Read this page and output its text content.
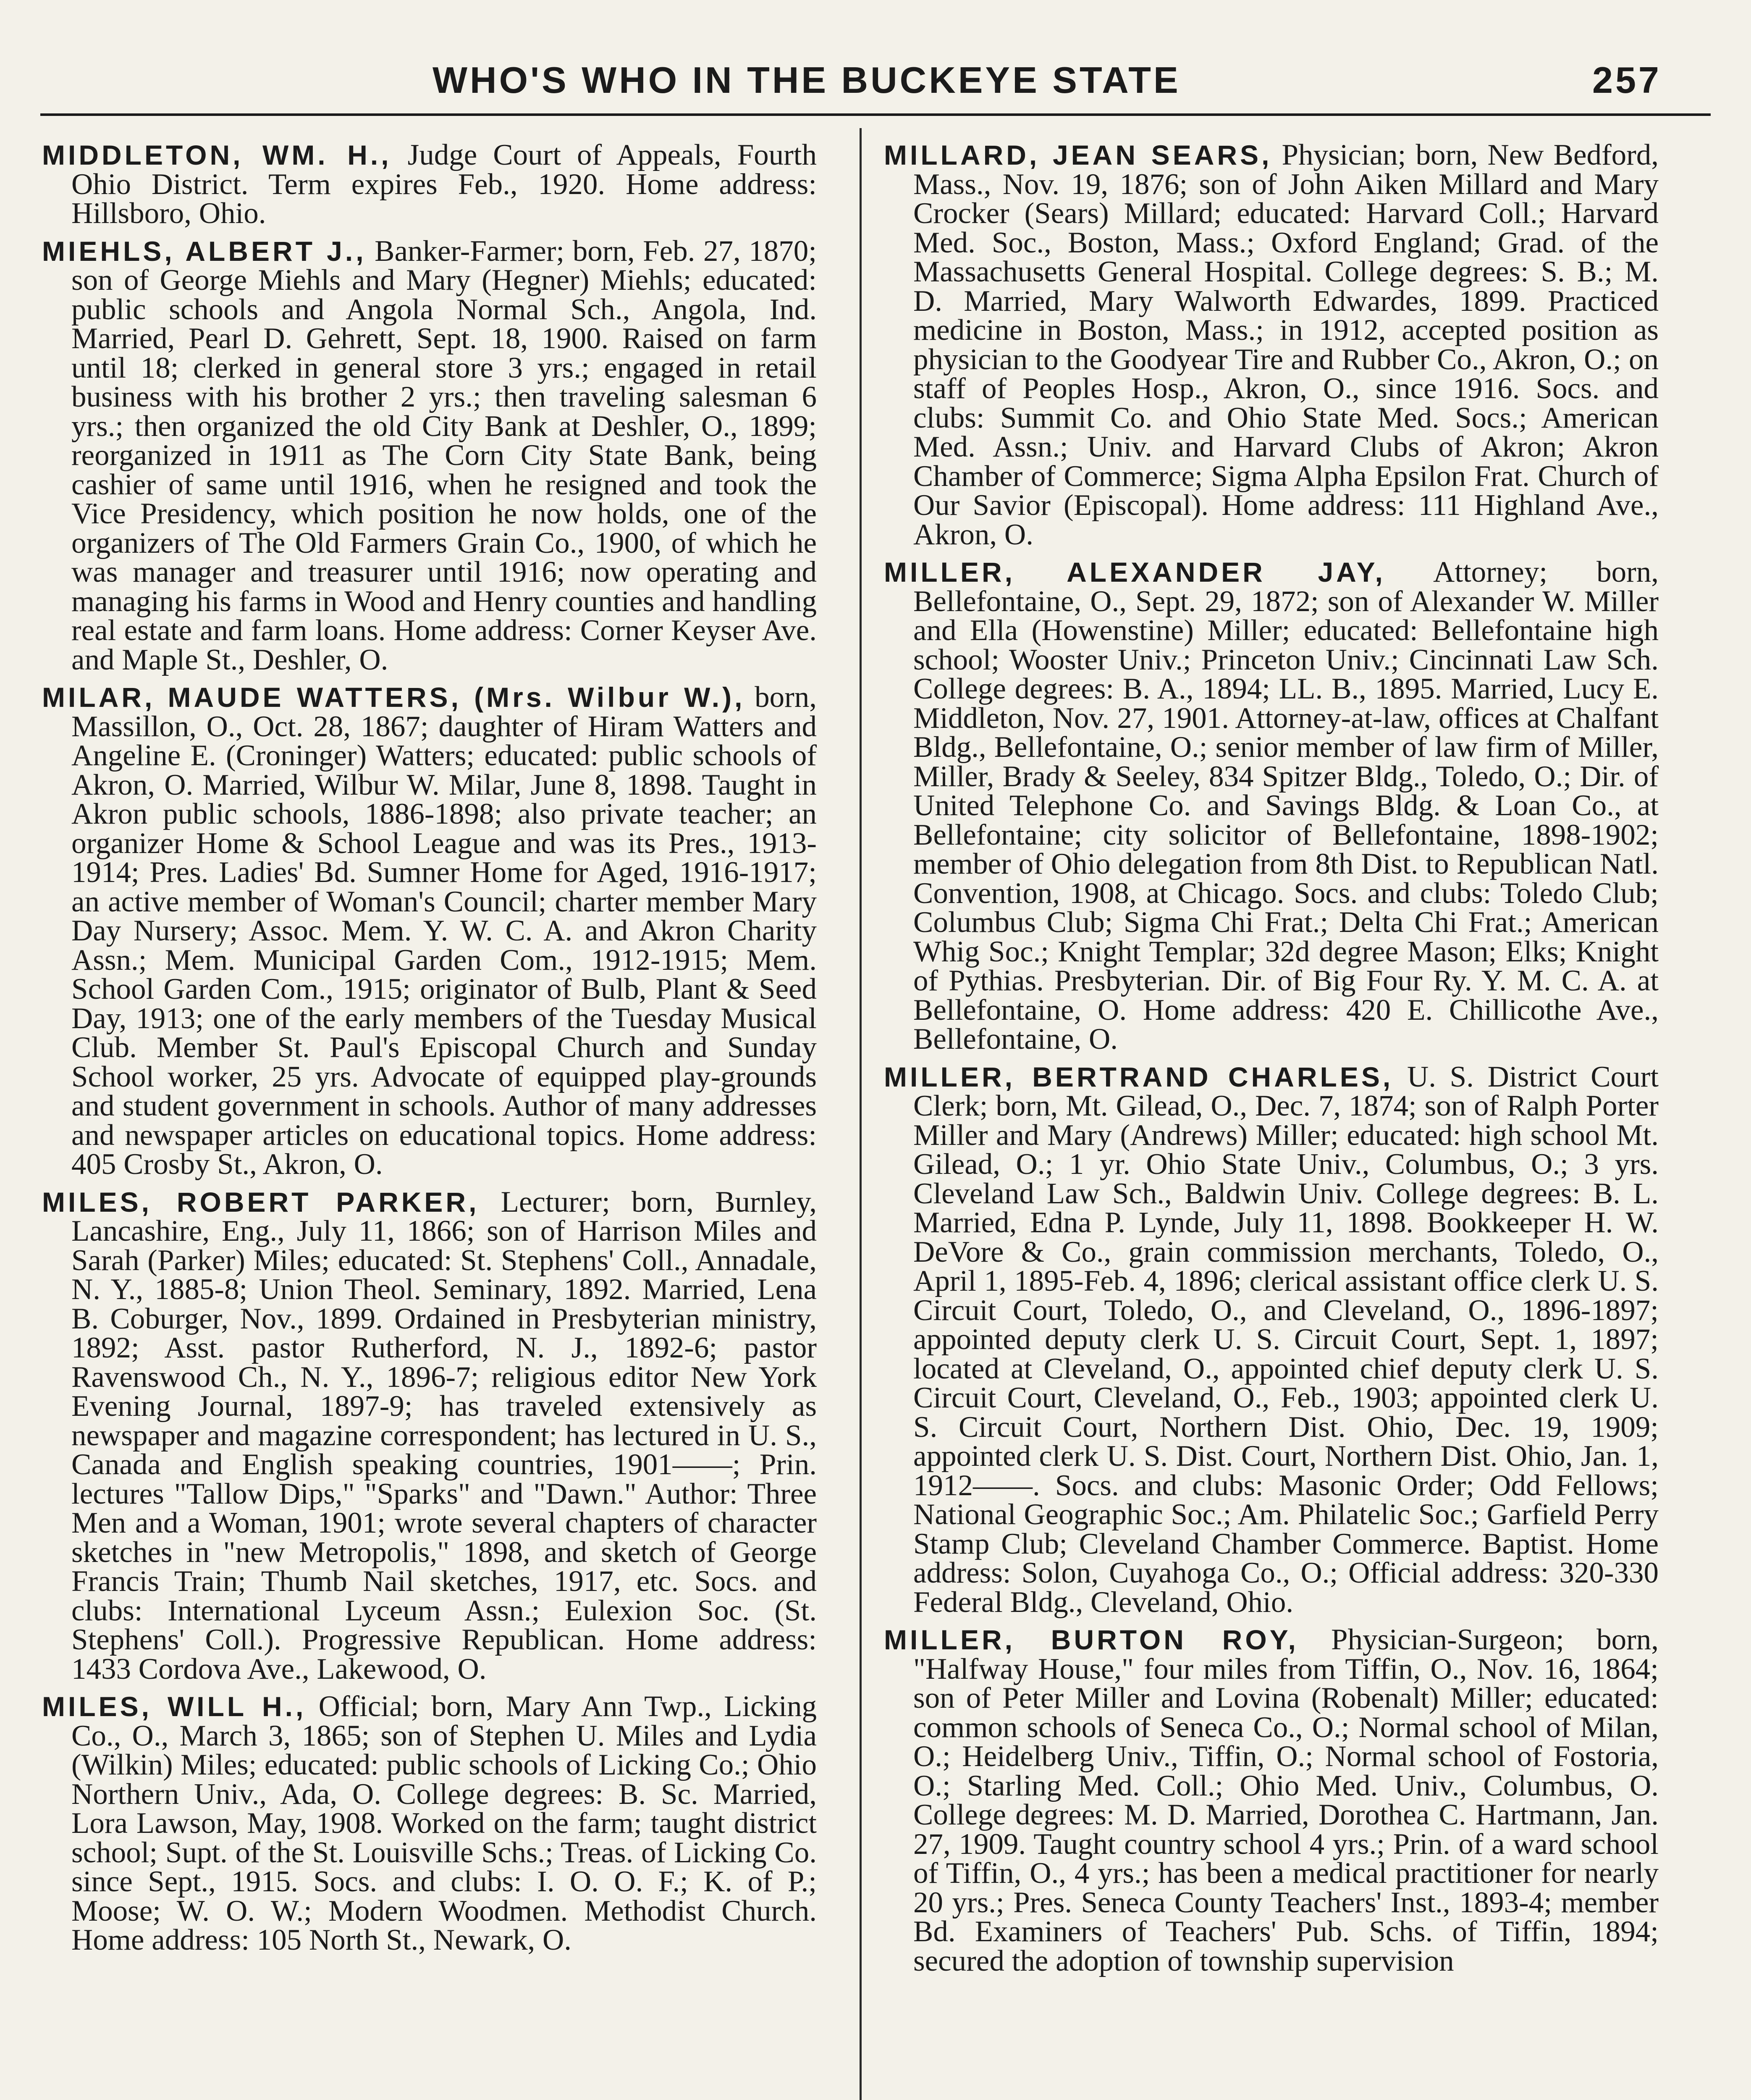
WHO'S WHO IN THE BUCKEYE STATE	257

MIDDLETON, WM. H., Judge Court of Appeals, Fourth Ohio District. Term expires Feb., 1920. Home address: Hillsboro, Ohio.

MIEHLS, ALBERT J., Banker-Farmer; born, Feb. 27, 1870; son of George Miehls and Mary (Hegner) Miehls; educated: public schools and Angola Normal Sch., Angola, Ind. Married, Pearl D. Gehrett, Sept. 18, 1900. Raised on farm until 18; clerked in general store 3 yrs.; engaged in retail business with his brother 2 yrs.; then traveling salesman 6 yrs.; then organized the old City Bank at Deshler, O., 1899; reorganized in 1911 as The Corn City State Bank, being cashier of same until 1916, when he resigned and took the Vice Presidency, which position he now holds, one of the organizers of The Old Farmers Grain Co., 1900, of which he was manager and treasurer until 1916; now operating and managing his farms in Wood and Henry counties and handling real estate and farm loans. Home address: Corner Keyser Ave. and Maple St., Deshler, O.

MILAR, MAUDE WATTERS, (Mrs. Wilbur W.), born, Massillon, O., Oct. 28, 1867; daughter of Hiram Watters and Angeline E. (Croninger) Watters; educated: public schools of Akron, O. Married, Wilbur W. Milar, June 8, 1898. Taught in Akron public schools, 1886-1898; also private teacher; an organizer Home & School League and was its Pres., 1913-1914; Pres. Ladies' Bd. Sumner Home for Aged, 1916-1917; an active member of Woman's Council; charter member Mary Day Nursery; Assoc. Mem. Y. W. C. A. and Akron Charity Assn.; Mem. Municipal Garden Com., 1912-1915; Mem. School Garden Com., 1915; originator of Bulb, Plant & Seed Day, 1913; one of the early members of the Tuesday Musical Club. Member St. Paul's Episcopal Church and Sunday School worker, 25 yrs. Advocate of equipped play-grounds and student government in schools. Author of many addresses and newspaper articles on educational topics. Home address: 405 Crosby St., Akron, O.

MILES, ROBERT PARKER, Lecturer; born, Burnley, Lancashire, Eng., July 11, 1866; son of Harrison Miles and Sarah (Parker) Miles; educated: St. Stephens' Coll., Annadale, N. Y., 1885-8; Union Theol. Seminary, 1892. Married, Lena B. Coburger, Nov., 1899. Ordained in Presbyterian ministry, 1892; Asst. pastor Rutherford, N. J., 1892-6; pastor Ravenswood Ch., N. Y., 1896-7; religious editor New York Evening Journal, 1897-9; has traveled extensively as newspaper and magazine correspondent; has lectured in U. S., Canada and English speaking countries, 1901——; Prin. lectures "Tallow Dips," "Sparks" and "Dawn." Author: Three Men and a Woman, 1901; wrote several chapters of character sketches in "new Metropolis," 1898, and sketch of George Francis Train; Thumb Nail sketches, 1917, etc. Socs. and clubs: International Lyceum Assn.; Eulexion Soc. (St. Stephens' Coll.). Progressive Republican. Home address: 1433 Cordova Ave., Lakewood, O.

MILES, WILL H., Official; born, Mary Ann Twp., Licking Co., O., March 3, 1865; son of Stephen U. Miles and Lydia (Wilkin) Miles; educated: public schools of Licking Co.; Ohio Northern Univ., Ada, O. College degrees: B. Sc. Married, Lora Lawson, May, 1908. Worked on the farm; taught district school; Supt. of the St. Louisville Schs.; Treas. of Licking Co. since Sept., 1915. Socs. and clubs: I. O. O. F.; K. of P.; Moose; W. O. W.; Modern Woodmen. Methodist Church. Home address: 105 North St., Newark, O.

MILLARD, JEAN SEARS, Physician; born, New Bedford, Mass., Nov. 19, 1876; son of John Aiken Millard and Mary Crocker (Sears) Millard; educated: Harvard Coll.; Harvard Med. Soc., Boston, Mass.; Oxford England; Grad. of the Massachusetts General Hospital. College degrees: S. B.; M. D. Married, Mary Walworth Edwardes, 1899. Practiced medicine in Boston, Mass.; in 1912, accepted position as physician to the Goodyear Tire and Rubber Co., Akron, O.; on staff of Peoples Hosp., Akron, O., since 1916. Socs. and clubs: Summit Co. and Ohio State Med. Socs.; American Med. Assn.; Univ. and Harvard Clubs of Akron; Akron Chamber of Commerce; Sigma Alpha Epsilon Frat. Church of Our Savior (Episcopal). Home address: 111 Highland Ave., Akron, O.

MILLER, ALEXANDER JAY, Attorney; born, Bellefontaine, O., Sept. 29, 1872; son of Alexander W. Miller and Ella (Howenstine) Miller; educated: Bellefontaine high school; Wooster Univ.; Princeton Univ.; Cincinnati Law Sch. College degrees: B. A., 1894; LL. B., 1895. Married, Lucy E. Middleton, Nov. 27, 1901. Attorney-at-law, offices at Chalfant Bldg., Bellefontaine, O.; senior member of law firm of Miller, Miller, Brady & Seeley, 834 Spitzer Bldg., Toledo, O.; Dir. of United Telephone Co. and Savings Bldg. & Loan Co., at Bellefontaine; city solicitor of Bellefontaine, 1898-1902; member of Ohio delegation from 8th Dist. to Republican Natl. Convention, 1908, at Chicago. Socs. and clubs: Toledo Club; Columbus Club; Sigma Chi Frat.; Delta Chi Frat.; American Whig Soc.; Knight Templar; 32d degree Mason; Elks; Knight of Pythias. Presbyterian. Dir. of Big Four Ry. Y. M. C. A. at Bellefontaine, O. Home address: 420 E. Chillicothe Ave., Bellefontaine, O.

MILLER, BERTRAND CHARLES, U. S. District Court Clerk; born, Mt. Gilead, O., Dec. 7, 1874; son of Ralph Porter Miller and Mary (Andrews) Miller; educated: high school Mt. Gilead, O.; 1 yr. Ohio State Univ., Columbus, O.; 3 yrs. Cleveland Law Sch., Baldwin Univ. College degrees: B. L. Married, Edna P. Lynde, July 11, 1898. Bookkeeper H. W. DeVore & Co., grain commission merchants, Toledo, O., April 1, 1895-Feb. 4, 1896; clerical assistant office clerk U. S. Circuit Court, Toledo, O., and Cleveland, O., 1896-1897; appointed deputy clerk U. S. Circuit Court, Sept. 1, 1897; located at Cleveland, O., appointed chief deputy clerk U. S. Circuit Court, Cleveland, O., Feb., 1903; appointed clerk U. S. Circuit Court, Northern Dist. Ohio, Dec. 19, 1909; appointed clerk U. S. Dist. Court, Northern Dist. Ohio, Jan. 1, 1912——. Socs. and clubs: Masonic Order; Odd Fellows; National Geographic Soc.; Am. Philatelic Soc.; Garfield Perry Stamp Club; Cleveland Chamber Commerce. Baptist. Home address: Solon, Cuyahoga Co., O.; Official address: 320-330 Federal Bldg., Cleveland, Ohio.

MILLER, BURTON ROY, Physician-Surgeon; born, "Halfway House," four miles from Tiffin, O., Nov. 16, 1864; son of Peter Miller and Lovina (Robenalt) Miller; educated: common schools of Seneca Co., O.; Normal school of Milan, O.; Heidelberg Univ., Tiffin, O.; Normal school of Fostoria, O.; Starling Med. Coll.; Ohio Med. Univ., Columbus, O. College degrees: M. D. Married, Dorothea C. Hartmann, Jan. 27, 1909. Taught country school 4 yrs.; Prin. of a ward school of Tiffin, O., 4 yrs.; has been a medical practitioner for nearly 20 yrs.; Pres. Seneca County Teachers' Inst., 1893-4; member Bd. Examiners of Teachers' Pub. Schs. of Tiffin, 1894; secured the adoption of township supervision
